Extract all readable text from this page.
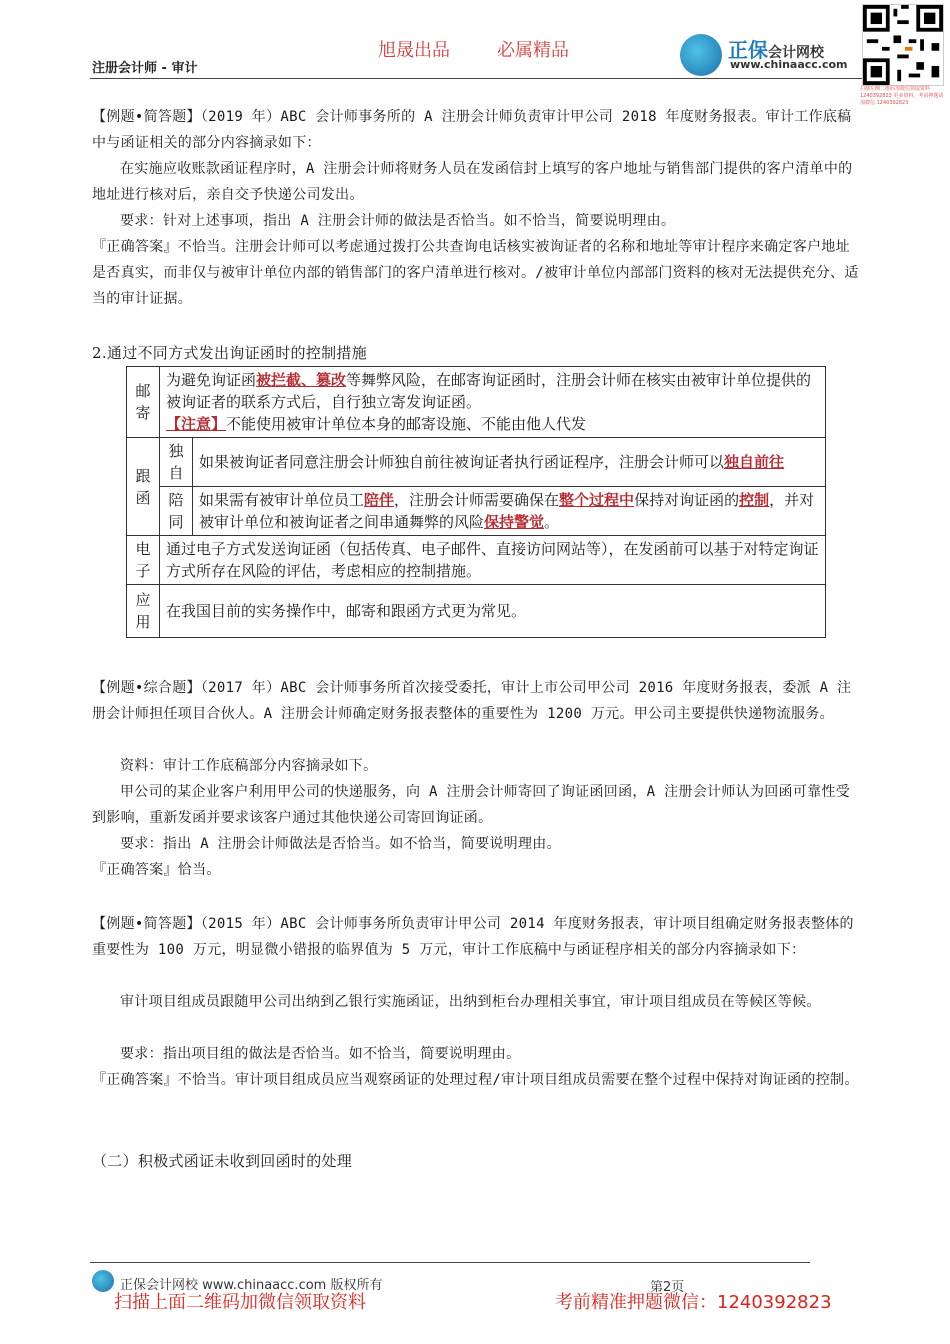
旭晟出品	必属精品
注册会计师 - 审计
正保会计网校
www.chinaacc.com
扫描左侧二维码加微信领取资料 1240392823 更多资料，考前押题请加微信 1240392823
【例题•简答题】（2019 年）ABC 会计师事务所的 A 注册会计师负责审计甲公司 2018 年度财务报表。审计工作底稿中与函证相关的部分内容摘录如下：
在实施应收账款函证程序时，A 注册会计师将财务人员在发函信封上填写的客户地址与销售部门提供的客户清单中的地址进行核对后，亲自交予快递公司发出。
要求：针对上述事项，指出 A 注册会计师的做法是否恰当。如不恰当，简要说明理由。
『正确答案』不恰当。注册会计师可以考虑通过拨打公共查询电话核实被询证者的名称和地址等审计程序来确定客户地址是否真实，而非仅与被审计单位内部的销售部门的客户清单进行核对。/被审计单位内部部门资料的核对无法提供充分、适当的审计证据。
2.通过不同方式发出询证函时的控制措施
邮寄	为避免询证函被拦截、篡改等舞弊风险，在邮寄询证函时，注册会计师在核实由被审计单位提供的被询证者的联系方式后，自行独立寄发询证函。
【注意】不能使用被审计单位本身的邮寄设施、不能由他人代发	
跟函	独自	如果被询证者同意注册会计师独自前往被询证者执行函证程序，注册会计师可以独自前往
	陪同	如果需有被审计单位员工陪伴，注册会计师需要确保在整个过程中保持对询证函的控制，并对被审计单位和被询证者之间串通舞弊的风险保持警觉。
电子	通过电子方式发送询证函（包括传真、电子邮件、直接访问网站等），在发函前可以基于对特定询证方式所存在风险的评估，考虑相应的控制措施。	
应用	在我国目前的实务操作中，邮寄和跟函方式更为常见。	
【例题•综合题】（2017 年）ABC 会计师事务所首次接受委托，审计上市公司甲公司 2016 年度财务报表，委派 A 注册会计师担任项目合伙人。A 注册会计师确定财务报表整体的重要性为 1200 万元。甲公司主要提供快递物流服务。
资料：审计工作底稿部分内容摘录如下。
甲公司的某企业客户利用甲公司的快递服务，向 A 注册会计师寄回了询证函回函，A 注册会计师认为回函可靠性受到影响，重新发函并要求该客户通过其他快递公司寄回询证函。
要求：指出 A 注册会计师做法是否恰当。如不恰当，简要说明理由。
『正确答案』恰当。
【例题•简答题】（2015 年）ABC 会计师事务所负责审计甲公司 2014 年度财务报表，审计项目组确定财务报表整体的重要性为 100 万元，明显微小错报的临界值为 5 万元，审计工作底稿中与函证程序相关的部分内容摘录如下：
审计项目组成员跟随甲公司出纳到乙银行实施函证，出纳到柜台办理相关事宜，审计项目组成员在等候区等候。
要求：指出项目组的做法是否恰当。如不恰当，简要说明理由。
『正确答案』不恰当。审计项目组成员应当观察函证的处理过程/审计项目组成员需要在整个过程中保持对询证函的控制。
（二）积极式函证未收到回函时的处理
正保会计网校 www.chinaacc.com 版权所有	第2页
扫描上面二维码加微信领取资料	考前精准押题微信：1240392823
